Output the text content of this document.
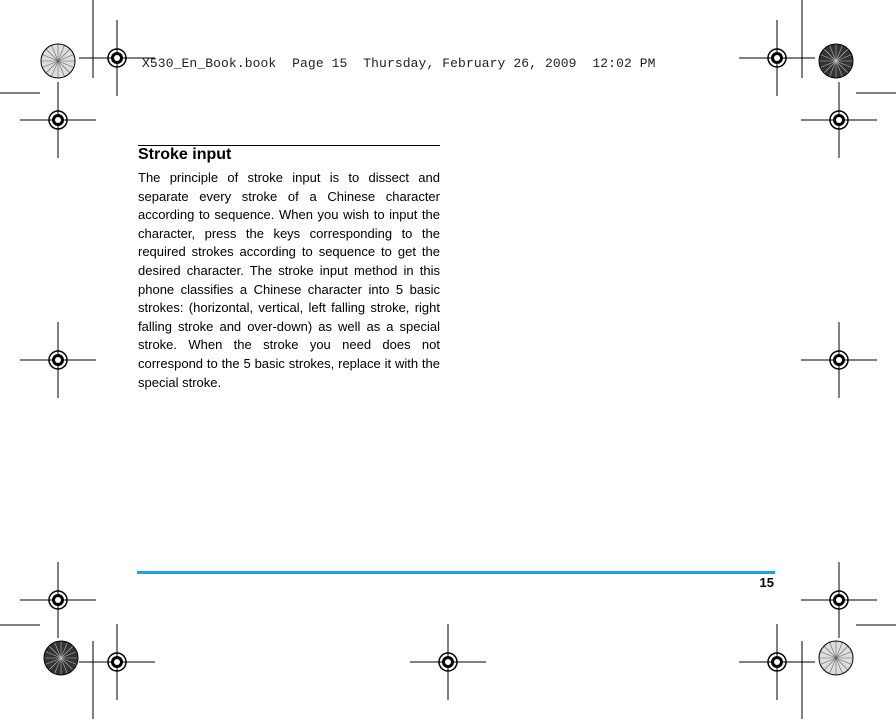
X530_En_Book.book  Page 15  Thursday, February 26, 2009  12:02 PM
Stroke input

The principle of stroke input is to dissect and separate every stroke of a Chinese character according to sequence. When you wish to input the character, press the keys corresponding to the required strokes according to sequence to get the desired character. The stroke input method in this phone classifies a Chinese character into 5 basic strokes: (horizontal, vertical, left falling stroke, right falling stroke and over-down) as well as a special stroke. When the stroke you need does not correspond to the 5 basic strokes, replace it with the special stroke.

15
